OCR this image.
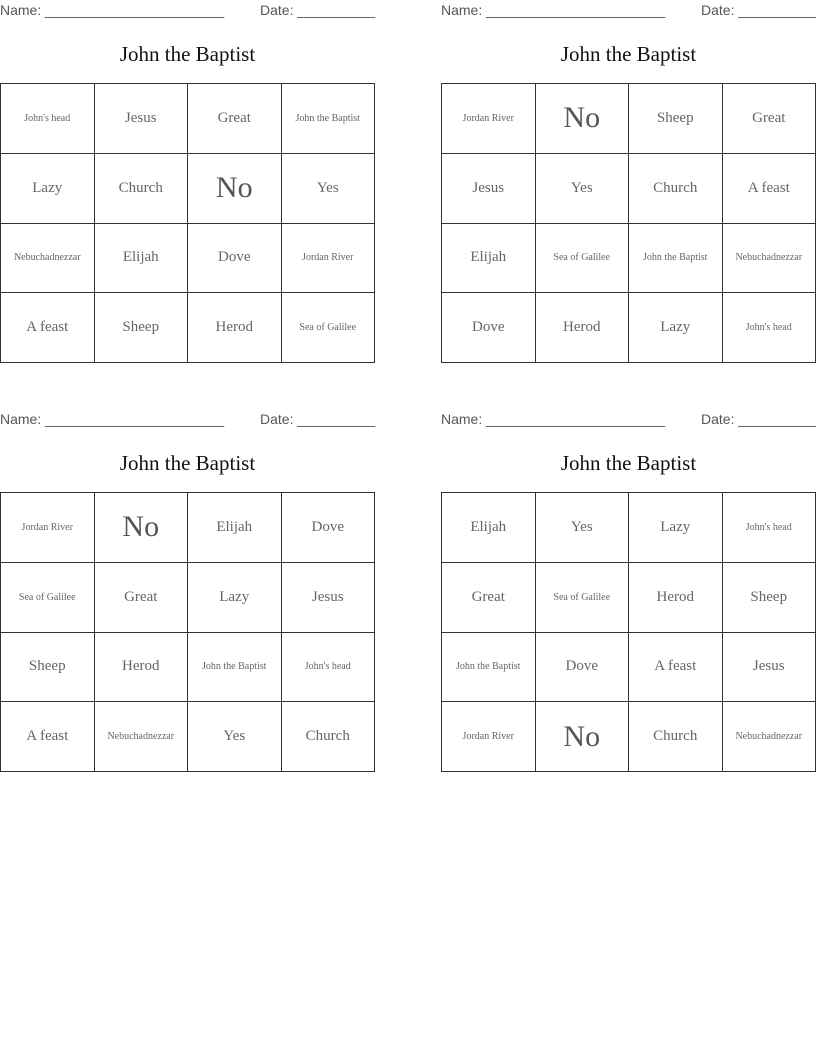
Name: _______________________	Date: __________
John the Baptist
John's head	Jesus	Great	John the Baptist
Lazy	Church	No	Yes
Nebuchadnezzar	Elijah	Dove	Jordan River
A feast	Sheep	Herod	Sea of Galilee
Name: _______________________	Date: __________
John the Baptist
Jordan River	No	Sheep	Great
Jesus	Yes	Church	A feast
Elijah	Sea of Galilee	John the Baptist	Nebuchadnezzar
Dove	Herod	Lazy	John's head
Name: _______________________	Date: __________
John the Baptist
Jordan River	No	Elijah	Dove
Sea of Galilee	Great	Lazy	Jesus
Sheep	Herod	John the Baptist	John's head
A feast	Nebuchadnezzar	Yes	Church
Name: _______________________	Date: __________
John the Baptist
Elijah	Yes	Lazy	John's head
Great	Sea of Galilee	Herod	Sheep
John the Baptist	Dove	A feast	Jesus
Jordan River	No	Church	Nebuchadnezzar
